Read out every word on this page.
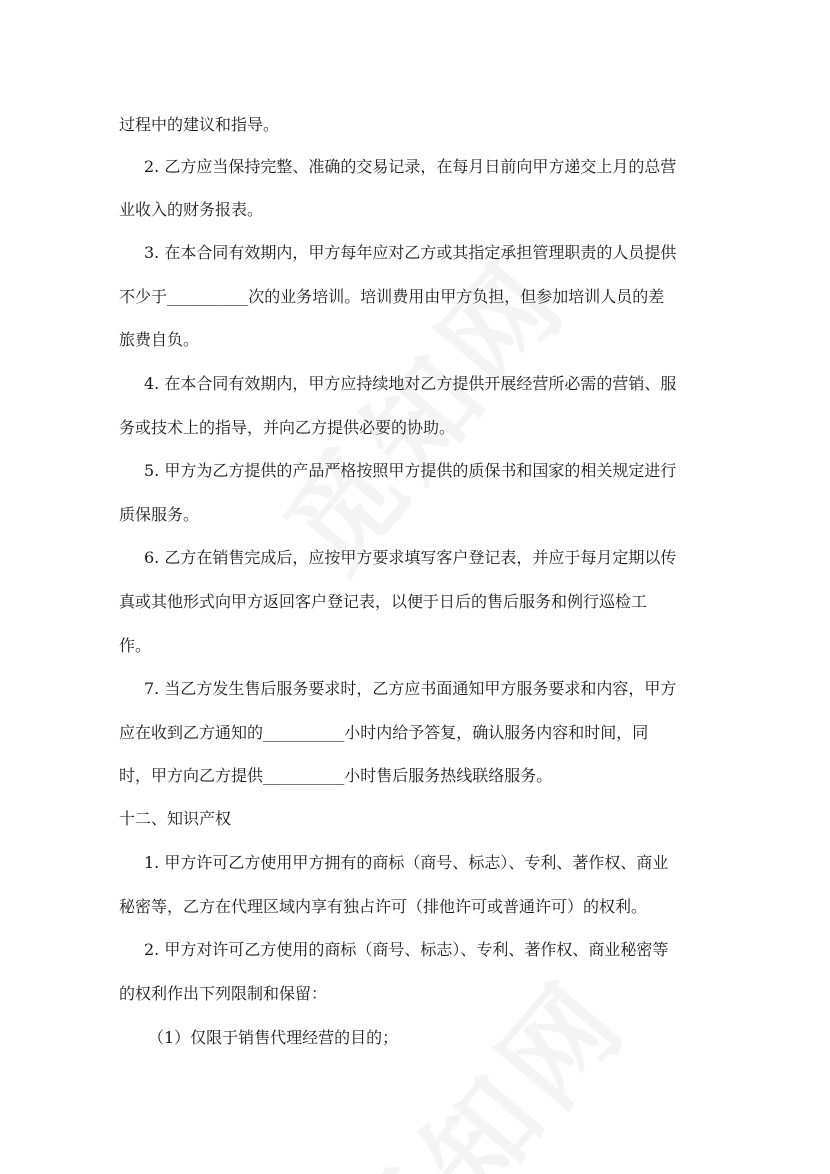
过程中的建议和指导。
2. 乙方应当保持完整、准确的交易记录，在每月日前向甲方递交上月的总营
业收入的财务报表。
3. 在本合同有效期内，甲方每年应对乙方或其指定承担管理职责的人员提供
不少于_________次的业务培训。培训费用由甲方负担，但参加培训人员的差
旅费自负。
4. 在本合同有效期内，甲方应持续地对乙方提供开展经营所必需的营销、服
务或技术上的指导，并向乙方提供必要的协助。
5. 甲方为乙方提供的产品严格按照甲方提供的质保书和国家的相关规定进行
质保服务。
6. 乙方在销售完成后，应按甲方要求填写客户登记表，并应于每月定期以传
真或其他形式向甲方返回客户登记表，以便于日后的售后服务和例行巡检工
作。
7. 当乙方发生售后服务要求时，乙方应书面通知甲方服务要求和内容，甲方
应在收到乙方通知的_________小时内给予答复，确认服务内容和时间，同
时，甲方向乙方提供_________小时售后服务热线联络服务。
十二、知识产权
1. 甲方许可乙方使用甲方拥有的商标（商号、标志）、专利、著作权、商业
秘密等，乙方在代理区域内享有独占许可（排他许可或普通许可）的权利。
2. 甲方对许可乙方使用的商标（商号、标志）、专利、著作权、商业秘密等
的权利作出下列限制和保留：
（1）仅限于销售代理经营的目的；
